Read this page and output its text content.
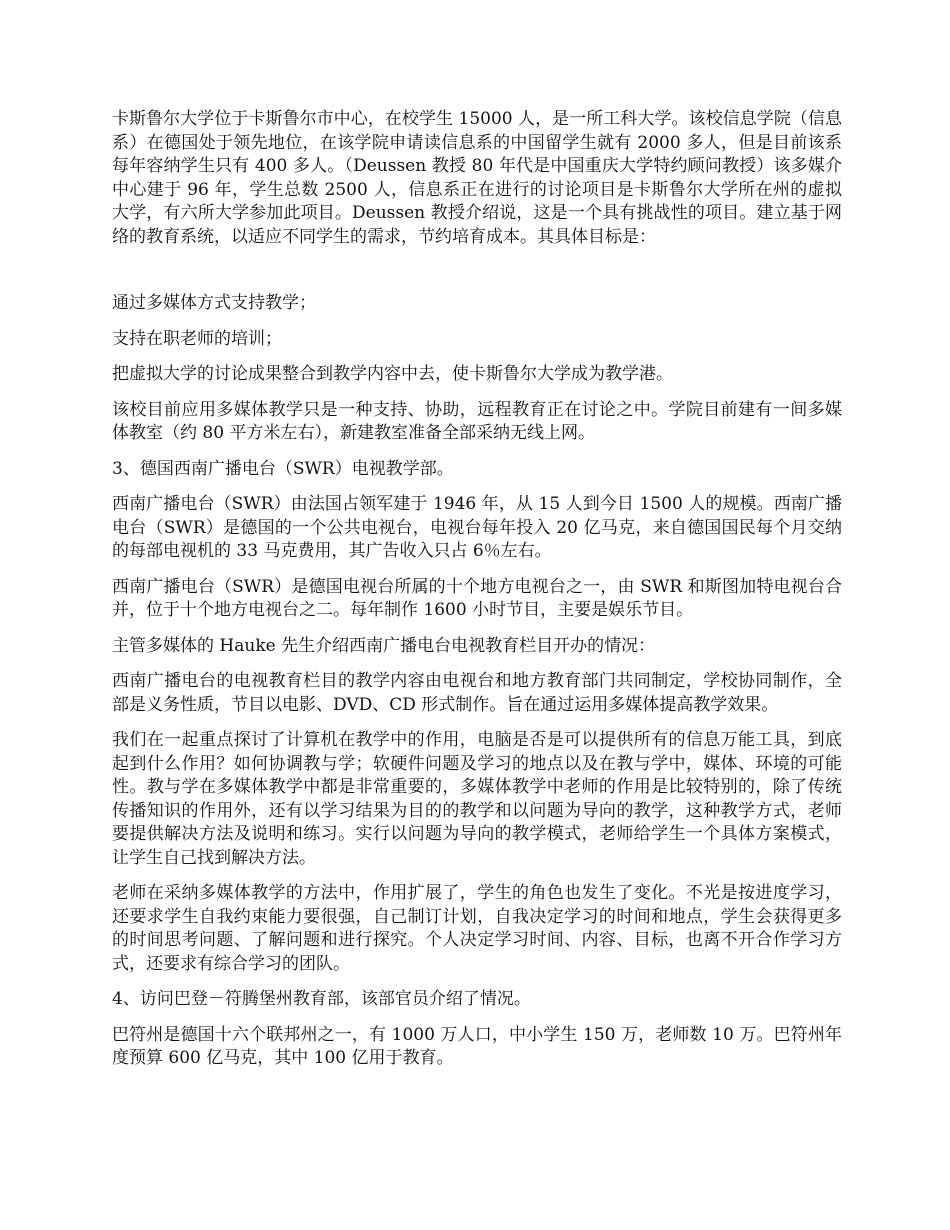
卡斯鲁尔大学位于卡斯鲁尔市中心，在校学生 15000 人，是一所工科大学。该校信息学院（信息系）在德国处于领先地位，在该学院申请读信息系的中国留学生就有 2000 多人，但是目前该系每年容纳学生只有 400 多人。（Deussen 教授 80 年代是中国重庆大学特约顾问教授）该多媒介中心建于 96 年，学生总数 2500 人，信息系正在进行的讨论项目是卡斯鲁尔大学所在州的虚拟大学，有六所大学参加此项目。Deussen 教授介绍说，这是一个具有挑战性的项目。建立基于网络的教育系统，以适应不同学生的需求，节约培育成本。其具体目标是：

通过多媒体方式支持教学；

支持在职老师的培训；

把虚拟大学的讨论成果整合到教学内容中去，使卡斯鲁尔大学成为教学港。

该校目前应用多媒体教学只是一种支持、协助，远程教育正在讨论之中。学院目前建有一间多媒体教室（约 80 平方米左右），新建教室准备全部采纳无线上网。

3、德国西南广播电台（SWR）电视教学部。

西南广播电台（SWR）由法国占领军建于 1946 年，从 15 人到今日 1500 人的规模。西南广播电台（SWR）是德国的一个公共电视台，电视台每年投入 20 亿马克，来自德国国民每个月交纳的每部电视机的 33 马克费用，其广告收入只占 6％左右。

西南广播电台（SWR）是德国电视台所属的十个地方电视台之一，由 SWR 和斯图加特电视台合并，位于十个地方电视台之二。每年制作 1600 小时节目，主要是娱乐节目。

主管多媒体的 Hauke 先生介绍西南广播电台电视教育栏目开办的情况：

西南广播电台的电视教育栏目的教学内容由电视台和地方教育部门共同制定，学校协同制作，全部是义务性质，节目以电影、DVD、CD 形式制作。旨在通过运用多媒体提高教学效果。

我们在一起重点探讨了计算机在教学中的作用，电脑是否是可以提供所有的信息万能工具，到底起到什么作用？如何协调教与学；软硬件问题及学习的地点以及在教与学中，媒体、环境的可能性。教与学在多媒体教学中都是非常重要的，多媒体教学中老师的作用是比较特别的，除了传统传播知识的作用外，还有以学习结果为目的的教学和以问题为导向的教学，这种教学方式，老师要提供解决方法及说明和练习。实行以问题为导向的教学模式，老师给学生一个具体方案模式，让学生自己找到解决方法。

老师在采纳多媒体教学的方法中，作用扩展了，学生的角色也发生了变化。不光是按进度学习，还要求学生自我约束能力要很强，自己制订计划，自我决定学习的时间和地点，学生会获得更多的时间思考问题、了解问题和进行探究。个人决定学习时间、内容、目标，也离不开合作学习方式，还要求有综合学习的团队。

4、访问巴登－符腾堡州教育部，该部官员介绍了情况。

巴符州是德国十六个联邦州之一，有 1000 万人口，中小学生 150 万，老师数 10 万。巴符州年度预算 600 亿马克，其中 100 亿用于教育。
